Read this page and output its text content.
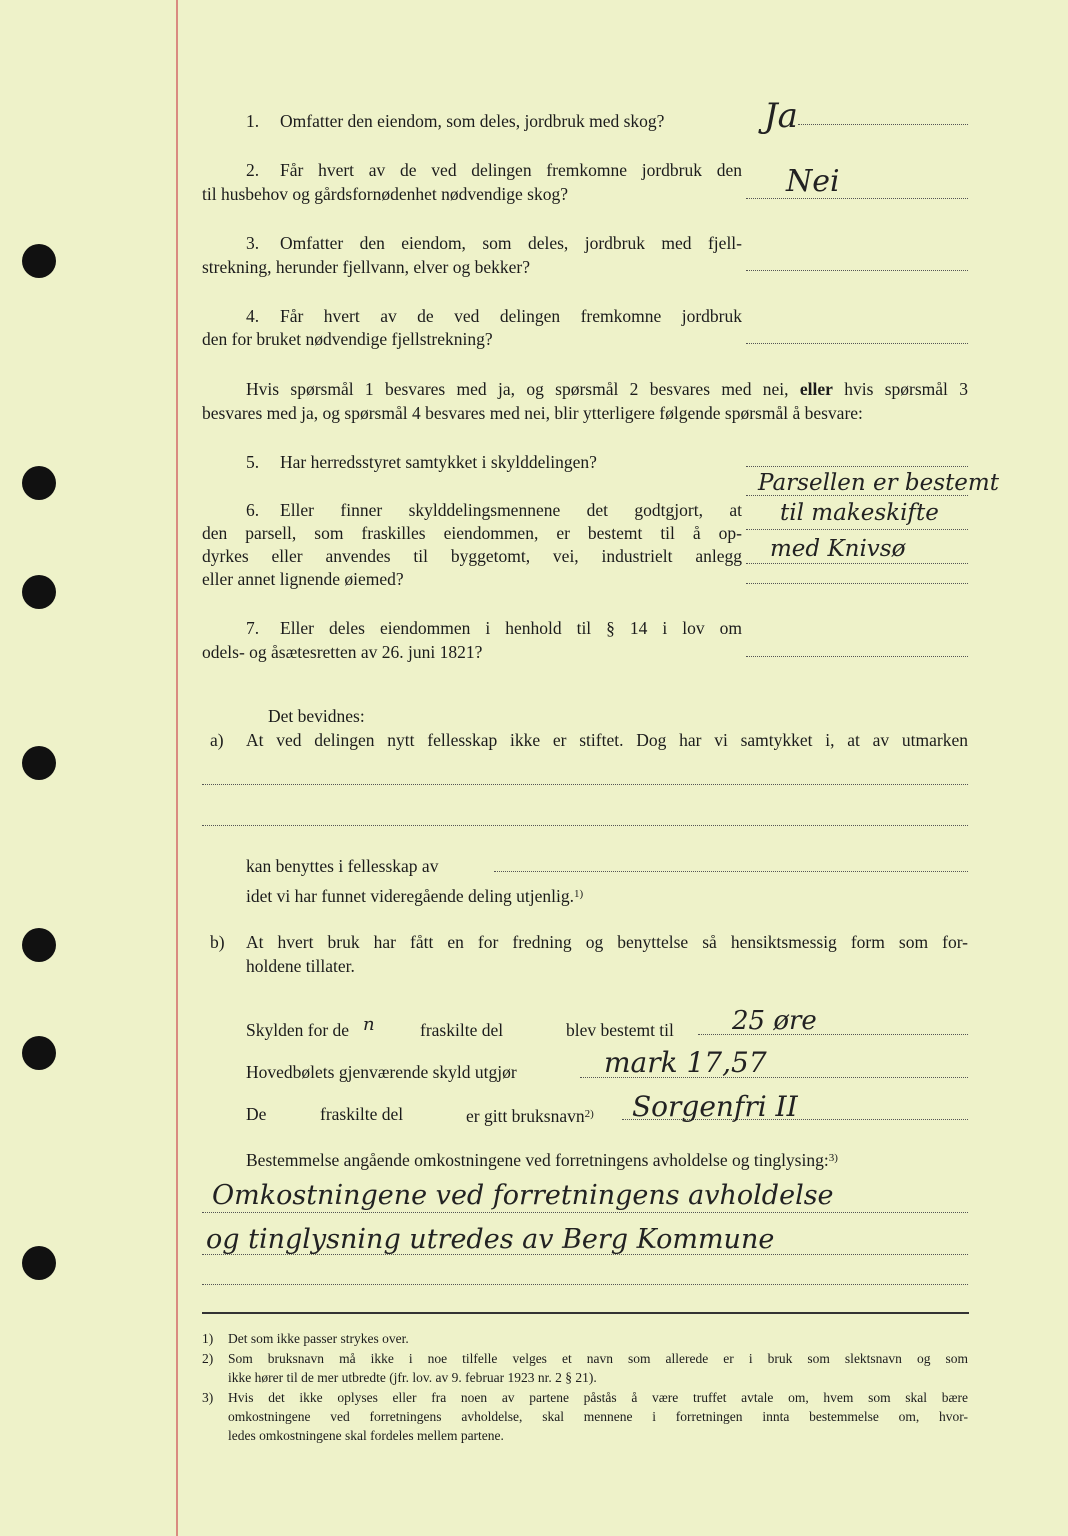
1. Omfatter den eiendom, som deles, jordbruk med skog?	Ja
2. Får hvert av de ved delingen fremkomne jordbruk den
til husbehov og gårdsfornødenhet nødvendige skog?	Nei
3. Omfatter den eiendom, som deles, jordbruk med fjell-
strekning, herunder fjellvann, elver og bekker?
4. Får hvert av de ved delingen fremkomne jordbruk
den for bruket nødvendige fjellstrekning?
Hvis spørsmål 1 besvares med ja, og spørsmål 2 besvares med nei, eller hvis spørsmål 3
besvares med ja, og spørsmål 4 besvares med nei, blir ytterligere følgende spørsmål å besvare:
5. Har herredsstyret samtykket i skylddelingen?
6. Eller finner skylddelingsmennene det godtgjort, at
den parsell, som fraskilles eiendommen, er bestemt til å op-
dyrkes eller anvendes til byggetomt, vei, industrielt anlegg
eller annet lignende øiemed?
Parsellen er bestemt
til makeskifte
med Knivsø
7. Eller deles eiendommen i henhold til § 14 i lov om
odels- og åsætesretten av 26. juni 1821?
Det bevidnes:
a) At ved delingen nytt fellesskap ikke er stiftet. Dog har vi samtykket i, at av utmarken
kan benyttes i fellesskap av
idet vi har funnet videregående deling utjenlig.$^{1)}$
b) At hvert bruk har fått en for fredning og benyttelse så hensiktsmessig form som for-
holdene tillater.
Skylden for de n	fraskilte del	blev bestemt til 25 øre
Hovedbølets gjenværende skyld utgjør	mark 17,57
De	fraskilte del	er gitt bruksnavn$^{2)}$ Sorgenfri II
Bestemmelse angående omkostningene ved forretningens avholdelse og tinglysing:$^{3)}$
Omkostningene ved forretningens avholdelse
og tinglysning utredes av Berg Kommune
1) Det som ikke passer strykes over.
2) Som bruksnavn må ikke i noe tilfelle velges et navn som allerede er i bruk som slektsnavn og som
ikke hører til de mer utbredte (jfr. lov. av 9. februar 1923 nr. 2 § 21).
3) Hvis det ikke oplyses eller fra noen av partene påstås å være truffet avtale om, hvem som skal bære
omkostningene ved forretningens avholdelse, skal mennene i forretningen innta bestemmelse om, hvor-
ledes omkostningene skal fordeles mellem partene.
